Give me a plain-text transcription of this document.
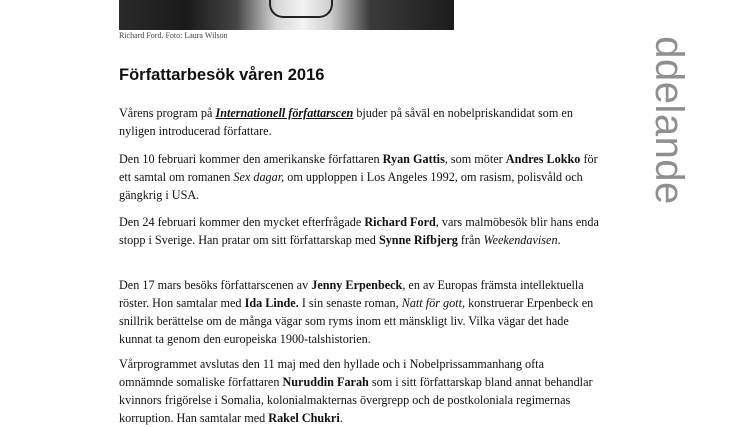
Richard Ford. Foto: Laura Wilson
ddelande
Författarbesök våren 2016

Vårens program på Internationell författarscen bjuder på såväl en nobelpriskandidat som en nyligen introducerad författare.

Den 10 februari kommer den amerikanske författaren Ryan Gattis, som möter Andres Lokko för ett samtal om romanen Sex dagar, om upploppen i Los Angeles 1992, om rasism, polisvåld och gängkrig i USA.

Den 24 februari kommer den mycket efterfrågade Richard Ford, vars malmöbesök blir hans enda stopp i Sverige. Han pratar om sitt författarskap med Synne Rifbjerg från Weekendavisen.

Den 17 mars besöks författarscenen av Jenny Erpenbeck, en av Europas främsta intellektuella röster. Hon samtalar med Ida Linde. I sin senaste roman, Natt för gott, konstruerar Erpenbeck en snillrik berättelse om de många vägar som ryms inom ett mänskligt liv. Vilka vägar det hade kunnat ta genom den europeiska 1900-talshistorien.

Vårprogrammet avslutas den 11 maj med den hyllade och i Nobelprissammanhang ofta omnämnde somaliske författaren Nuruddin Farah som i sitt författarskap bland annat behandlar kvinnors frigörelse i Somalia, kolonialmakternas övergrepp och de postkoloniala regimernas korruption. Han samtalar med Rakel Chukri.
